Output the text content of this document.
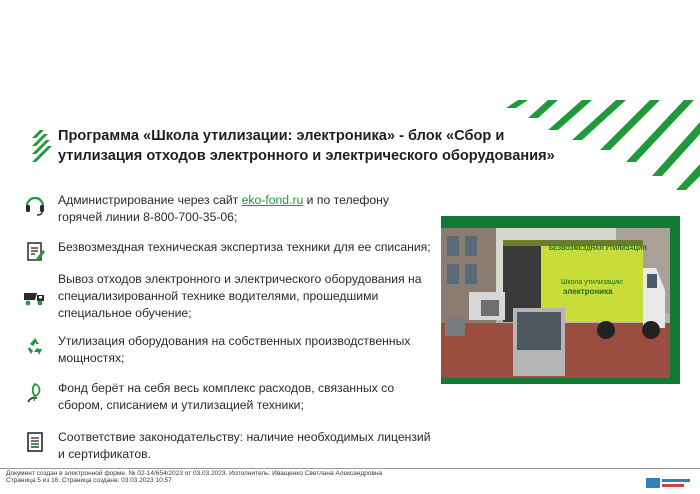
Программа «Школа утилизации: электроника» - блок «Сбор и утилизация отходов электронного и электрического оборудования»
Администрирование через сайт eko-fond.ru и по телефону горячей линии 8-800-700-35-06;
Безвозмездная техническая экспертиза техники для ее списания;
Вывоз отходов электронного и электрического оборудования на специализированной технике водителями, прошедшими специальное обучение;
Утилизация оборудования на собственных производственных мощностях;
Фонд берёт на себя весь комплекс расходов, связанных со сбором, списанием и утилизацией техники;
Соответствие законодательству: наличие необходимых лицензий и сертификатов.
БЕЗВОЗМЕЗДНАЯ УТИЛИЗАЦИЯ
Школа утилизации:
электроника
Документ создан в электронной форме. № 02-14/654/2023 от 03.03.2023. Исполнитель: Иващенко Светлана Александровна
Страница 5 из 16. Страница создана: 03.03.2023 10:57
